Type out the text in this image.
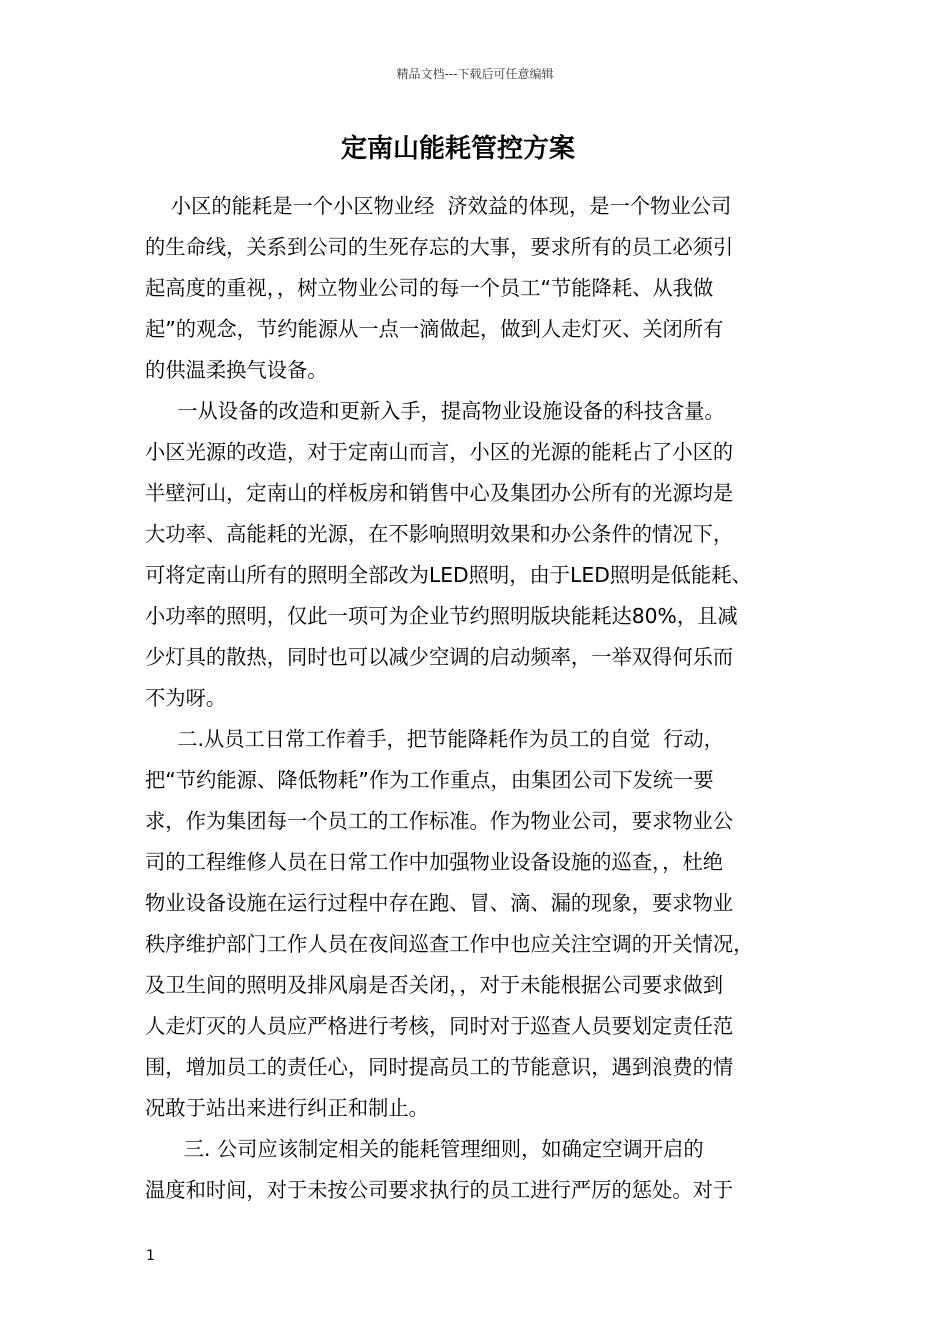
精品文档---下载后可任意编辑
定南山能耗管控方案

小区的能耗是一个小区物业经  济效益的体现，是一个物业公司

的生命线，关系到公司的生死存忘的大事，要求所有的员工必须引

起高度的重视，，树立物业公司的每一个员工“节能降耗、从我做

起”的观念，节约能源从一点一滴做起，做到人走灯灭、关闭所有

的供温柔换气设备。

一从设备的改造和更新入手，提高物业设施设备的科技含量。

小区光源的改造，对于定南山而言，小区的光源的能耗占了小区的

半壁河山，定南山的样板房和销售中心及集团办公所有的光源均是

大功率、高能耗的光源，在不影响照明效果和办公条件的情况下，

可将定南山所有的照明全部改为LED照明，由于LED照明是低能耗、

小功率的照明，仅此一项可为企业节约照明版块能耗达80%，且减

少灯具的散热，同时也可以减少空调的启动频率，一举双得何乐而

不为呀。

二.从员工日常工作着手，把节能降耗作为员工的自觉  行动，

把“节约能源、降低物耗”作为工作重点，由集团公司下发统一要

求，作为集团每一个员工的工作标准。作为物业公司，要求物业公

司的工程维修人员在日常工作中加强物业设备设施的巡查，，杜绝

物业设备设施在运行过程中存在跑、冒、滴、漏的现象，要求物业

秩序维护部门工作人员在夜间巡查工作中也应关注空调的开关情况，

及卫生间的照明及排风扇是否关闭，，对于未能根据公司要求做到

人走灯灭的人员应严格进行考核，同时对于巡查人员要划定责任范

围，增加员工的责任心，同时提高员工的节能意识，遇到浪费的情

况敢于站出来进行纠正和制止。

三. 公司应该制定相关的能耗管理细则，如确定空调开启的

温度和时间，对于未按公司要求执行的员工进行严厉的惩处。对于

1
